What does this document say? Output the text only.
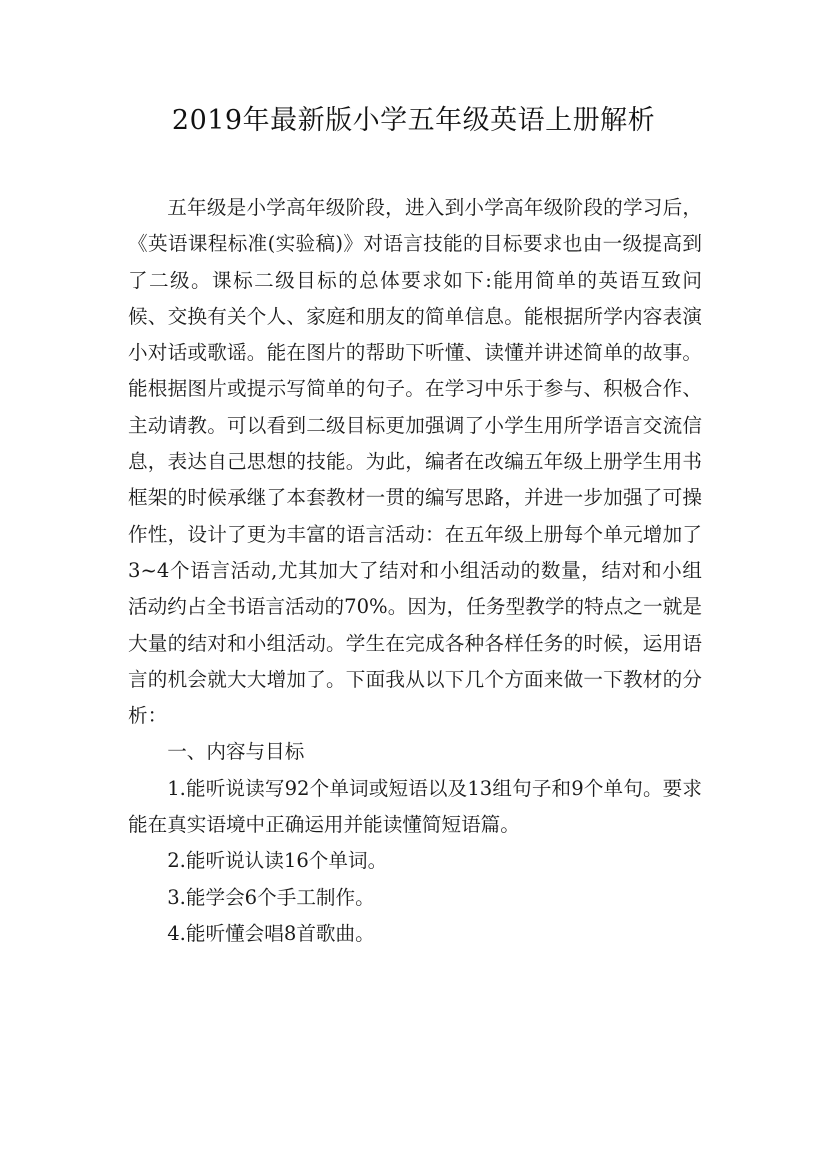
2019年最新版小学五年级英语上册解析

五年级是小学高年级阶段，进入到小学高年级阶段的学习后，《英语课程标准(实验稿)》对语言技能的目标要求也由一级提高到了二级。课标二级目标的总体要求如下:能用简单的英语互致问候、交换有关个人、家庭和朋友的简单信息。能根据所学内容表演小对话或歌谣。能在图片的帮助下听懂、读懂并讲述简单的故事。能根据图片或提示写简单的句子。在学习中乐于参与、积极合作、主动请教。可以看到二级目标更加强调了小学生用所学语言交流信息，表达自己思想的技能。为此，编者在改编五年级上册学生用书框架的时候承继了本套教材一贯的编写思路，并进一步加强了可操作性，设计了更为丰富的语言活动：在五年级上册每个单元增加了3~4个语言活动,尤其加大了结对和小组活动的数量，结对和小组活动约占全书语言活动的70%。因为，任务型教学的特点之一就是大量的结对和小组活动。学生在完成各种各样任务的时候，运用语言的机会就大大增加了。下面我从以下几个方面来做一下教材的分析：

一、内容与目标

1.能听说读写92个单词或短语以及13组句子和9个单句。要求能在真实语境中正确运用并能读懂简短语篇。

2.能听说认读16个单词。

3.能学会6个手工制作。

4.能听懂会唱8首歌曲。
